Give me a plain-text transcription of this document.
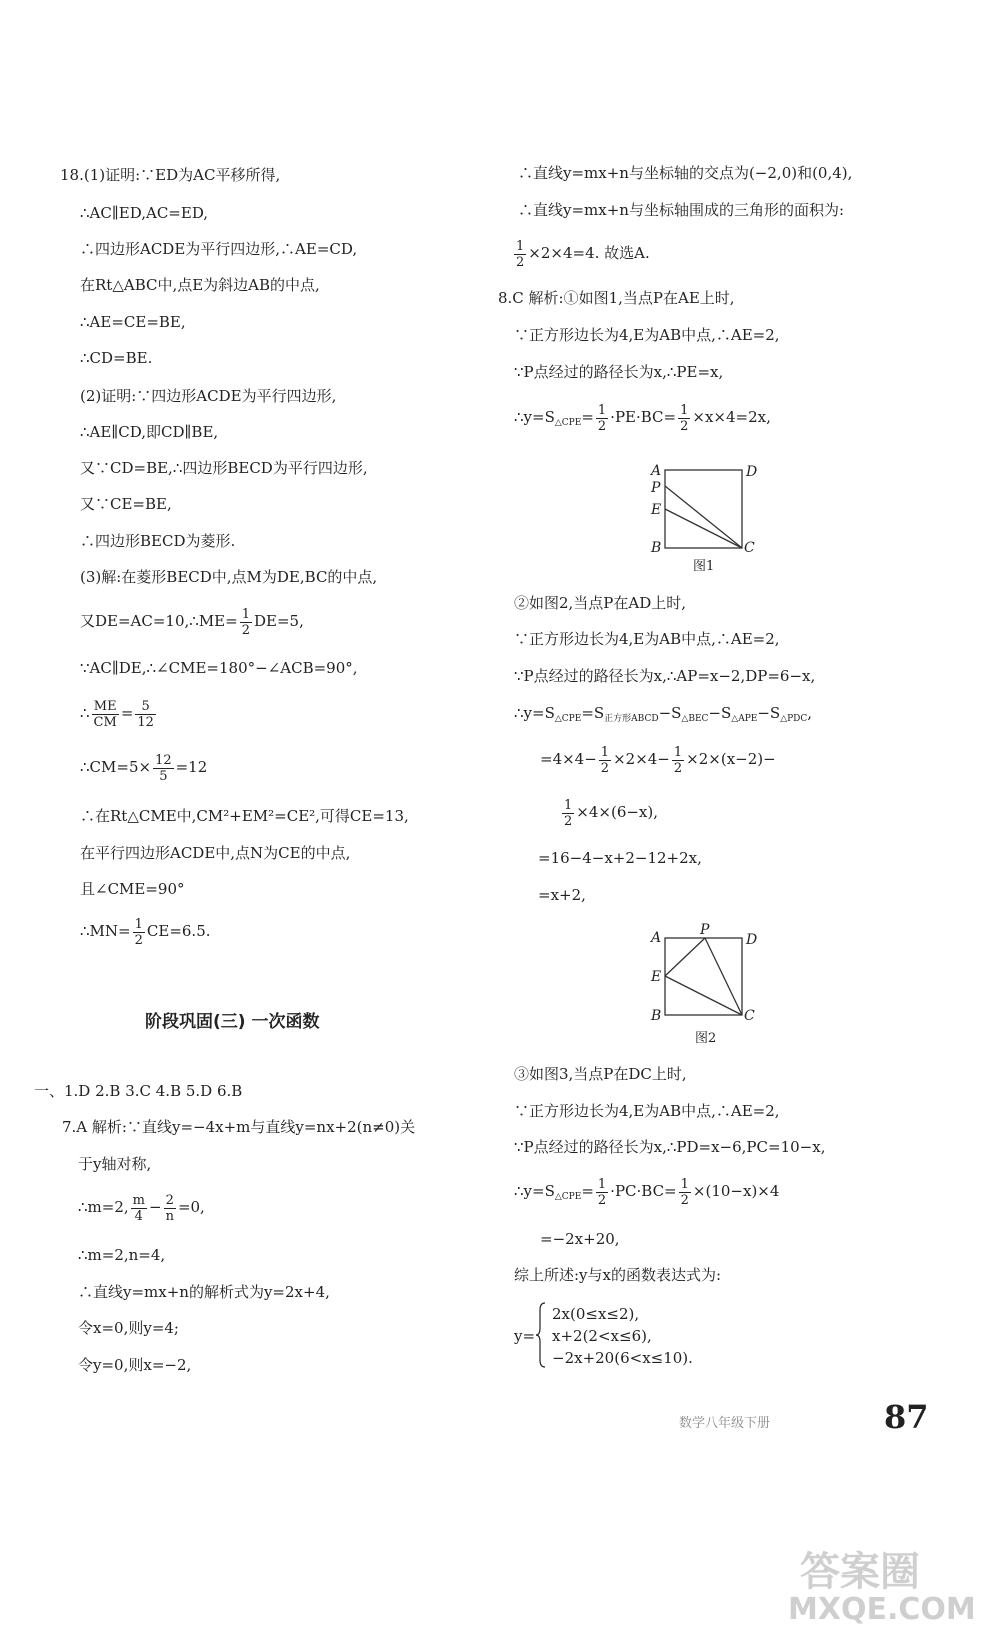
18.(1)证明:∵ED为AC平移所得,
∴AC∥ED,AC=ED,
∴四边形ACDE为平行四边形,∴AE=CD,
在Rt△ABC中,点E为斜边AB的中点,
∴AE=CE=BE,
∴CD=BE.
(2)证明:∵四边形ACDE为平行四边形,
∴AE∥CD,即CD∥BE,
又∵CD=BE,∴四边形BECD为平行四边形,
又∵CE=BE,
∴四边形BECD为菱形.
(3)解:在菱形BECD中,点M为DE,BC的中点,
又DE=AC=10,∴ME= $\frac{1}{2} DE=5$,
∵AC∥DE,∴∠CME=180°−∠ACB=90°,
∴ $\frac{ME}{CM} = \frac{5}{12}$
∴CM=5× $\frac{12}{5} =12$
∴在Rt△CME中,CM²+EM²=CE²,可得CE=13,
在平行四边形ACDE中,点N为CE的中点,
且∠CME=90°
∴MN= $\frac{1}{2} CE=6.5$.
阶段巩固(三) 一次函数
一、1.D 2.B 3.C 4.B 5.D 6.B
7.A 解析:∵直线y=−4x+m与直线y=nx+2(n≠0)关
于y轴对称,
∴m=2, $\frac{m}{4} - \frac{2}{n} =0$,
∴m=2,n=4,
∴直线y=mx+n的解析式为y=2x+4,
令x=0,则y=4;
令y=0,则x=−2,
∴直线y=mx+n与坐标轴的交点为(−2,0)和(0,4),
∴直线y=mx+n与坐标轴围成的三角形的面积为:
$\frac{1}{2} \times 2\times 4=4$. 故选A.
8.C 解析:①如图1,当点P在AE上时,
∵正方形边长为4,E为AB中点,∴AE=2,
∵P点经过的路径长为x,∴PE=x,
$\therefore y=S_{\triangle CPE}= \frac{1}{2} \cdot PE\cdot BC= \frac{1}{2} \times x\times 4=2x$,
A
P
E
B
D
C
图1
②如图2,当点P在AD上时,
∵正方形边长为4,E为AB中点,∴AE=2,
∵P点经过的路径长为x,∴AP=x−2,DP=6−x,
$\therefore y=S_{\triangle CPE}=S_{正方形ABCD}-S_{\triangle BEC}-S_{\triangle APE}-S_{\triangle PDC}$,
$=4\times 4- \frac{1}{2} \times 2\times 4- \frac{1}{2} \times 2\times(x-2)-$
$\frac{1}{2} \times 4\times(6-x)$,
=16−4−x+2−12+2x,
=x+2,
A	P
D
E
B	C
图2
③如图3,当点P在DC上时,
∵正方形边长为4,E为AB中点,∴AE=2,
∵P点经过的路径长为x,∴PD=x−6,PC=10−x,
$\therefore y=S_{\triangle CPE}= \frac{1}{2} \cdot PC\cdot BC= \frac{1}{2} \times(10-x)\times 4$
=−2x+20,
综上所述:y与x的函数表达式为:
y=
2x(0≤x≤2),
x+2(2<x≤6),
−2x+20(6<x≤10).
数学八年级下册	87
答案圈
MXQE.COM
